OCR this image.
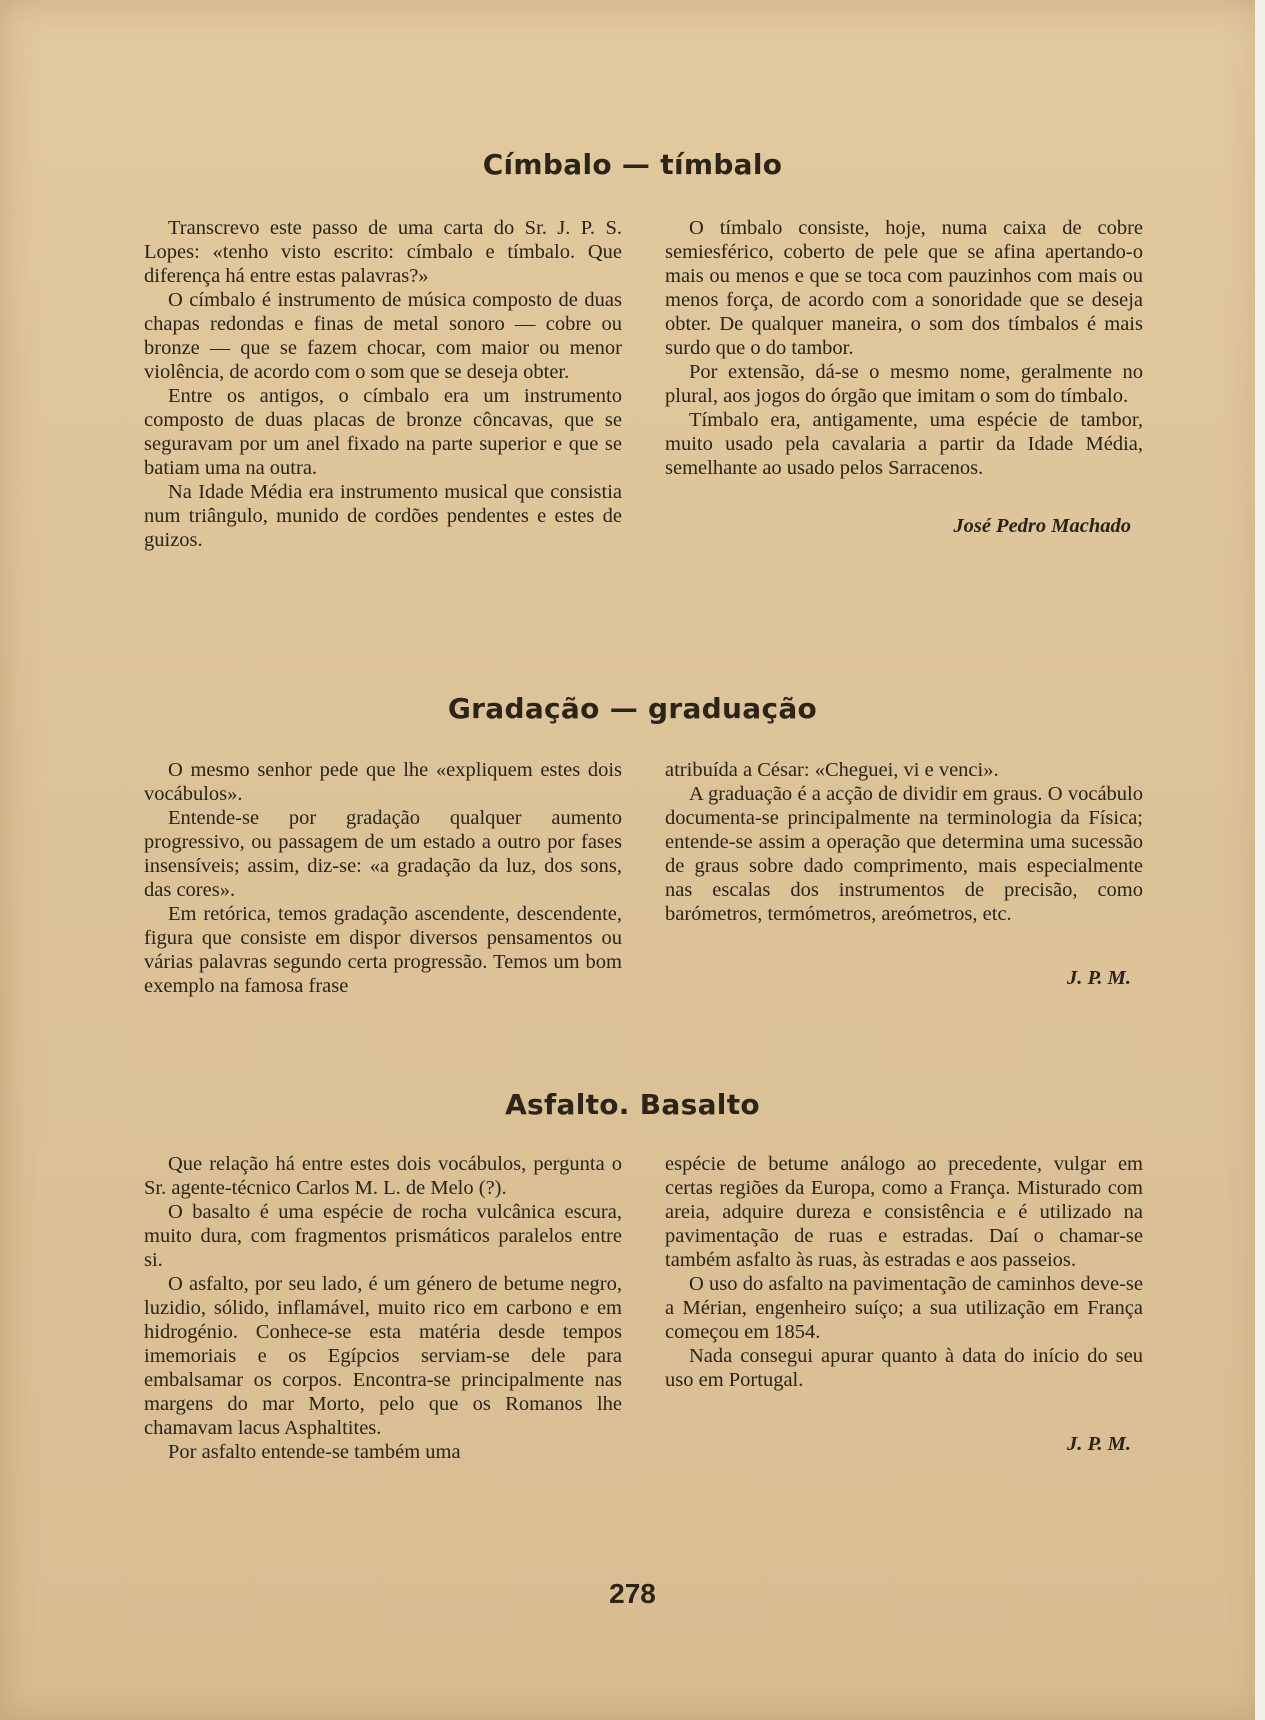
Címbalo — tímbalo

Transcrevo este passo de uma carta do Sr. J. P. S. Lopes: «tenho visto escrito: címbalo e tímbalo. Que diferença há entre estas palavras?»

O címbalo é instrumento de música composto de duas chapas redondas e finas de metal sonoro — cobre ou bronze — que se fazem chocar, com maior ou menor violência, de acordo com o som que se deseja obter.

Entre os antigos, o címbalo era um instrumento composto de duas placas de bronze côncavas, que se seguravam por um anel fixado na parte superior e que se batiam uma na outra.

Na Idade Média era instrumento musical que consistia num triângulo, munido de cordões pendentes e estes de guizos.

O tímbalo consiste, hoje, numa caixa de cobre semiesférico, coberto de pele que se afina apertando-o mais ou menos e que se toca com pauzinhos com mais ou menos força, de acordo com a sonoridade que se deseja obter. De qualquer maneira, o som dos tímbalos é mais surdo que o do tambor.

Por extensão, dá-se o mesmo nome, geralmente no plural, aos jogos do órgão que imitam o som do tímbalo.

Tímbalo era, antigamente, uma espécie de tambor, muito usado pela cavalaria a partir da Idade Média, semelhante ao usado pelos Sarracenos.

José Pedro Machado
Gradação — graduação

O mesmo senhor pede que lhe «expliquem estes dois vocábulos».

Entende-se por gradação qualquer aumento progressivo, ou passagem de um estado a outro por fases insensíveis; assim, diz-se: «a gradação da luz, dos sons, das cores».

Em retórica, temos gradação ascendente, descendente, figura que consiste em dispor diversos pensamentos ou várias palavras segundo certa progressão. Temos um bom exemplo na famosa frase

atribuída a César: «Cheguei, vi e venci».

A graduação é a acção de dividir em graus. O vocábulo documenta-se principalmente na terminologia da Física; entende-se assim a operação que determina uma sucessão de graus sobre dado comprimento, mais especialmente nas escalas dos instrumentos de precisão, como barómetros, termómetros, areómetros, etc.

J. P. M.
Asfalto. Basalto

Que relação há entre estes dois vocábulos, pergunta o Sr. agente-técnico Carlos M. L. de Melo (?).

O basalto é uma espécie de rocha vulcânica escura, muito dura, com fragmentos prismáticos paralelos entre si.

O asfalto, por seu lado, é um género de betume negro, luzidio, sólido, inflamável, muito rico em carbono e em hidrogénio. Conhece-se esta matéria desde tempos imemoriais e os Egípcios serviam-se dele para embalsamar os corpos. Encontra-se principalmente nas margens do mar Morto, pelo que os Romanos lhe chamavam lacus Asphaltites.

Por asfalto entende-se também uma

espécie de betume análogo ao precedente, vulgar em certas regiões da Europa, como a França. Misturado com areia, adquire dureza e consistência e é utilizado na pavimentação de ruas e estradas. Daí o chamar-se também asfalto às ruas, às estradas e aos passeios.

O uso do asfalto na pavimentação de caminhos deve-se a Mérian, engenheiro suíço; a sua utilização em França começou em 1854.

Nada consegui apurar quanto à data do início do seu uso em Portugal.

J. P. M.
278
